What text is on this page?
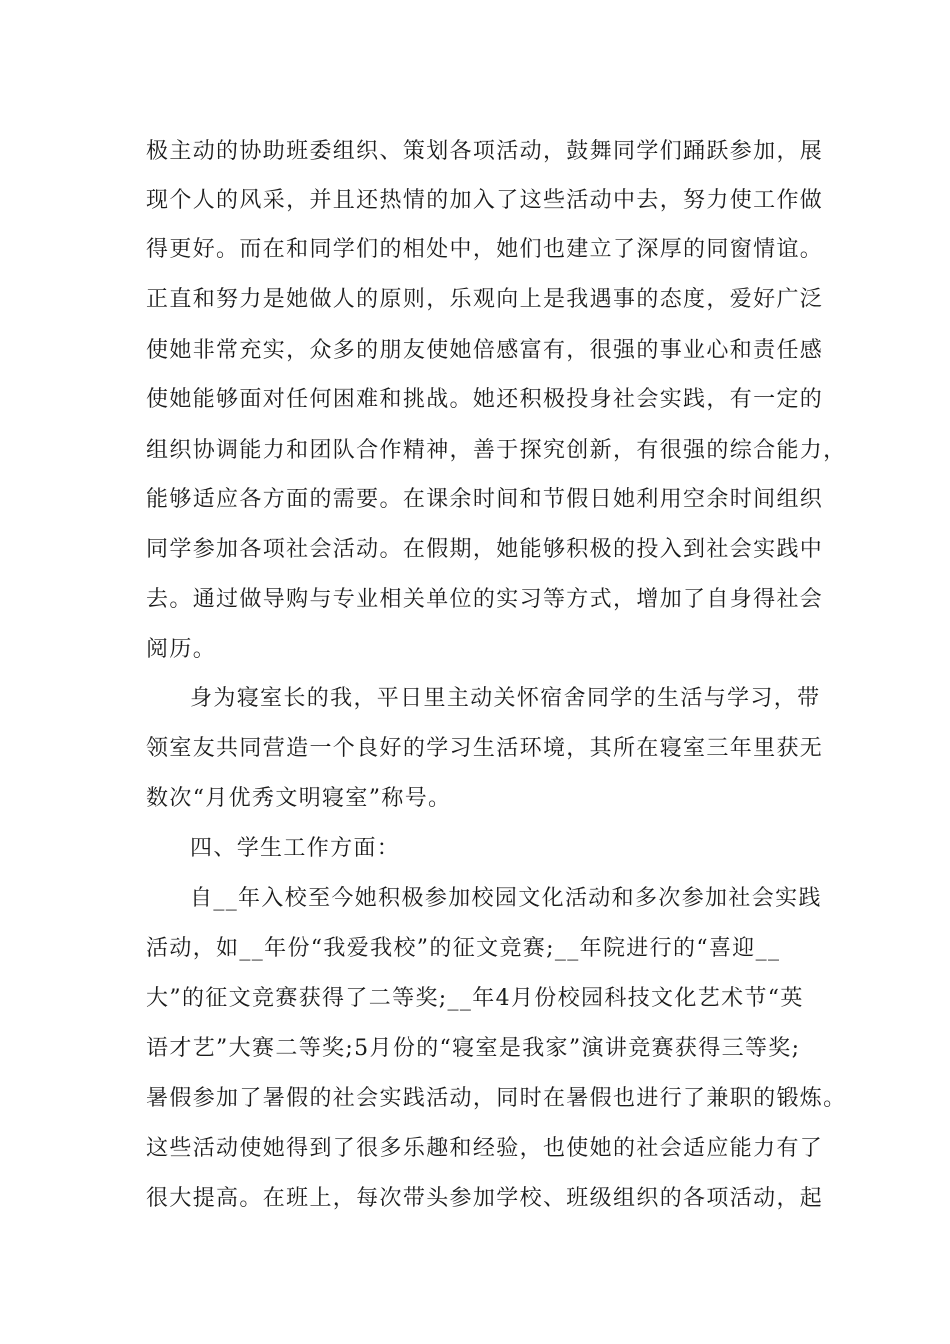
极主动的协助班委组织、策划各项活动，鼓舞同学们踊跃参加，展

现个人的风采，并且还热情的加入了这些活动中去，努力使工作做

得更好。而在和同学们的相处中，她们也建立了深厚的同窗情谊。

正直和努力是她做人的原则，乐观向上是我遇事的态度，爱好广泛

使她非常充实，众多的朋友使她倍感富有，很强的事业心和责任感

使她能够面对任何困难和挑战。她还积极投身社会实践，有一定的

组织协调能力和团队合作精神，善于探究创新，有很强的综合能力，

能够适应各方面的需要。在课余时间和节假日她利用空余时间组织

同学参加各项社会活动。在假期，她能够积极的投入到社会实践中

去。通过做导购与专业相关单位的实习等方式，增加了自身得社会

阅历。

身为寝室长的我，平日里主动关怀宿舍同学的生活与学习，带

领室友共同营造一个良好的学习生活环境，其所在寝室三年里获无

数次“月优秀文明寝室”称号。

四、学生工作方面：

自__年入校至今她积极参加校园文化活动和多次参加社会实践

活动，如__年份“我爱我校”的征文竞赛;__年院进行的“喜迎__

大”的征文竞赛获得了二等奖;__年4月份校园科技文化艺术节“英

语才艺”大赛二等奖;5月份的“寝室是我家”演讲竞赛获得三等奖;

暑假参加了暑假的社会实践活动，同时在暑假也进行了兼职的锻炼。

这些活动使她得到了很多乐趣和经验，也使她的社会适应能力有了

很大提高。在班上，每次带头参加学校、班级组织的各项活动，起
